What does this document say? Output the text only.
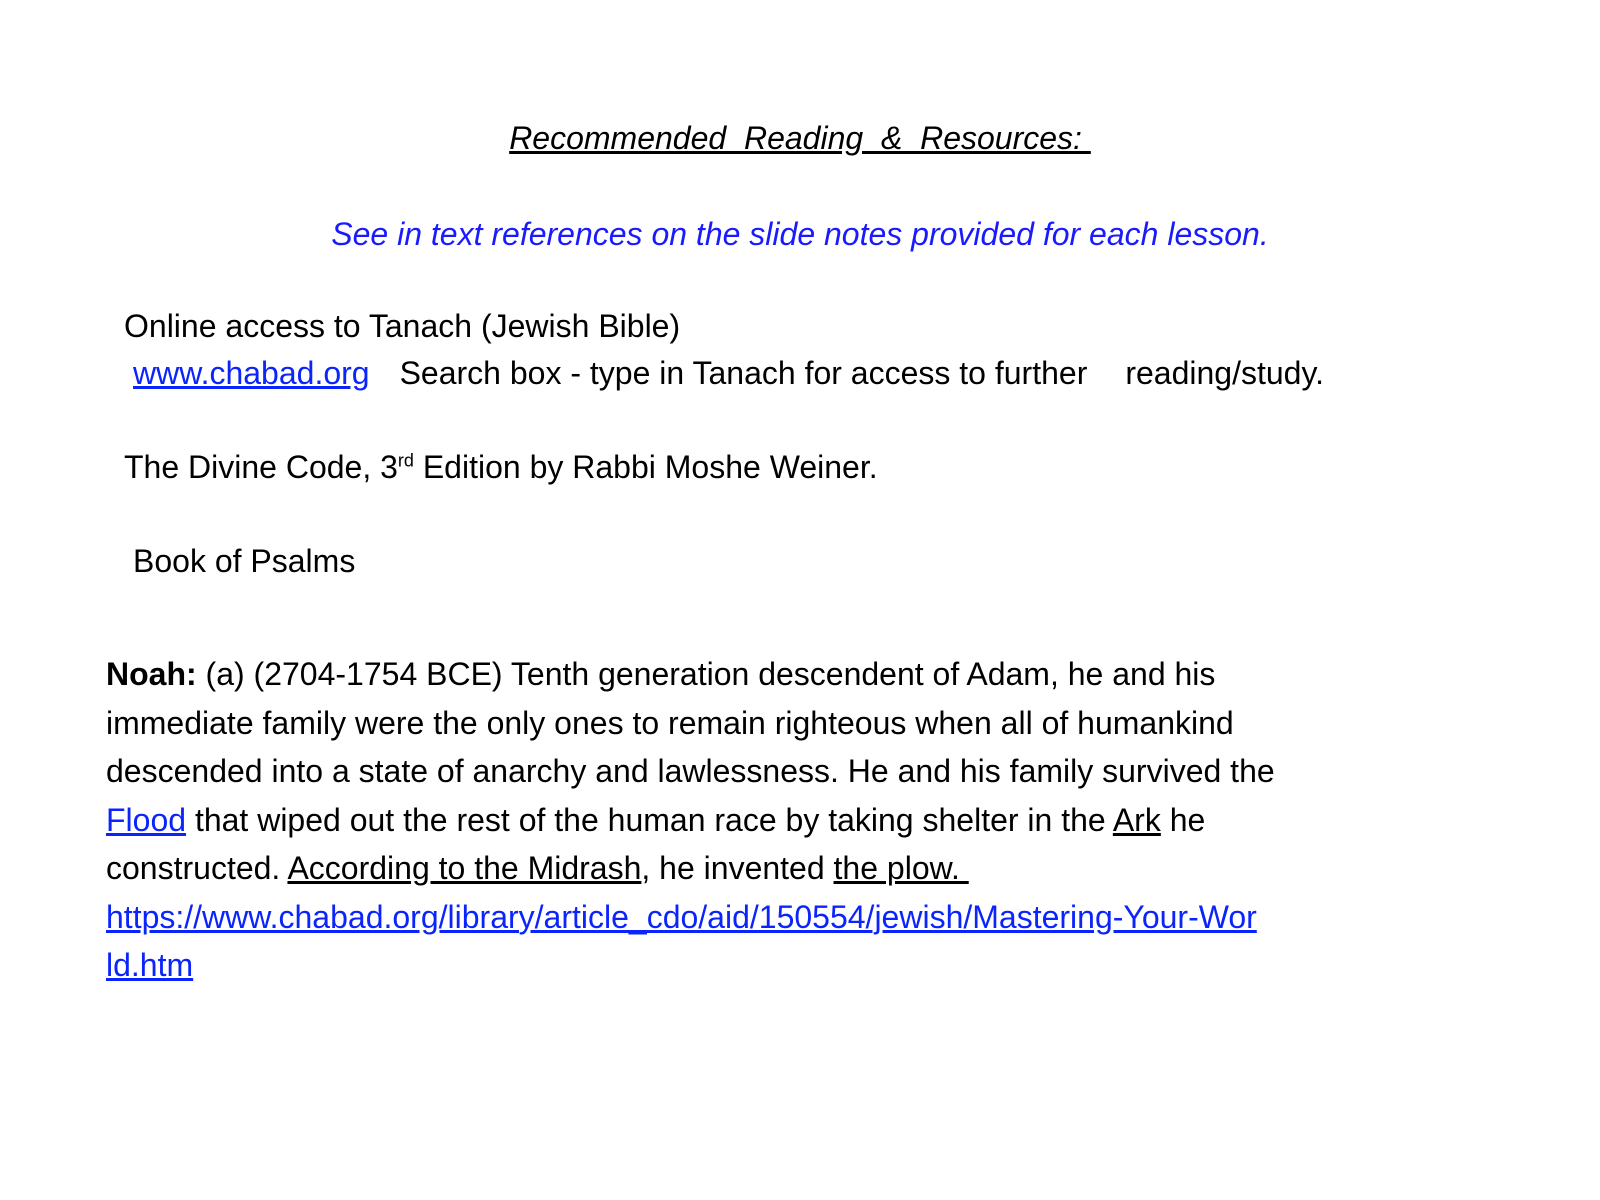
Recommended  Reading  &  Resources:
See in text references on the slide notes provided for each lesson.
Online access to Tanach (Jewish Bible)
www.chabad.org Search box - type in Tanach for access to further reading/study.
The Divine Code, 3rd Edition by Rabbi Moshe Weiner.
Book of Psalms
Noah: (a) (2704-1754 BCE) Tenth generation descendent of Adam, he and his
immediate family were the only ones to remain righteous when all of humankind
descended into a state of anarchy and lawlessness. He and his family survived the
Flood that wiped out the rest of the human race by taking shelter in the Ark he
constructed. According to the Midrash, he invented the plow.
https://www.chabad.org/library/article_cdo/aid/150554/jewish/Mastering-Your-Wor
ld.htm
